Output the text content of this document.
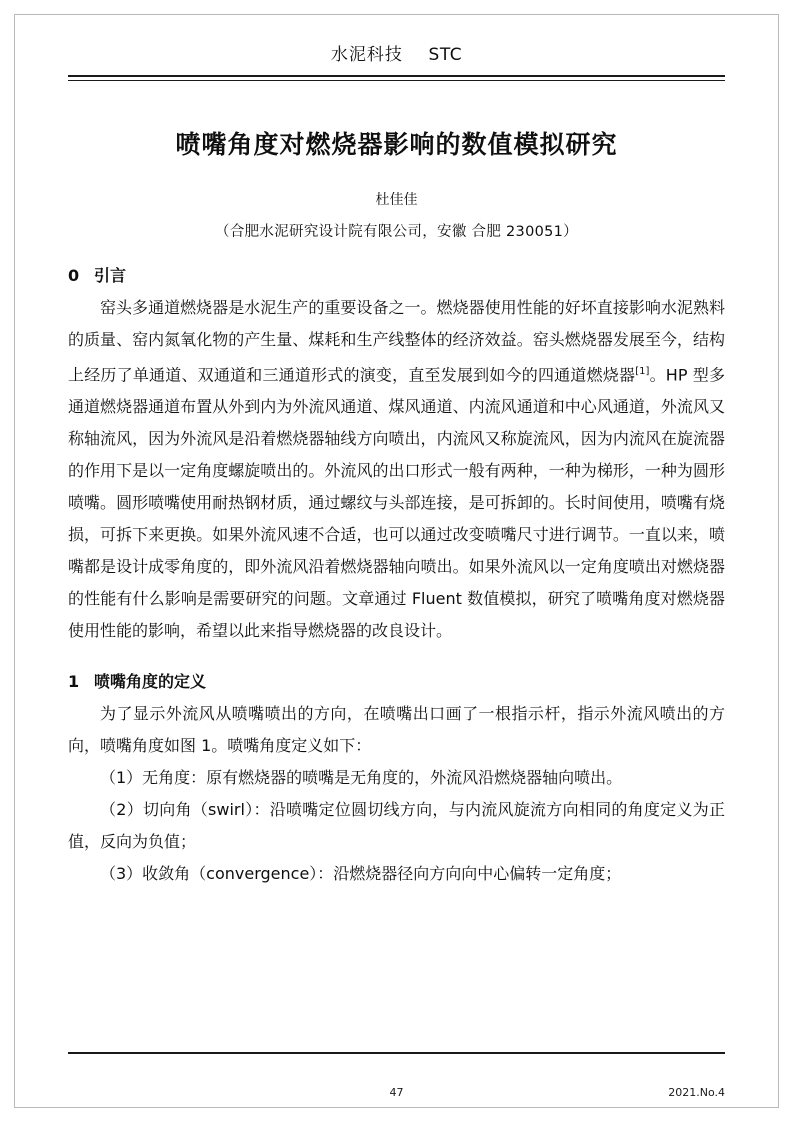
水泥科技 STC
喷嘴角度对燃烧器影响的数值模拟研究
杜佳佳
（合肥水泥研究设计院有限公司，安徽 合肥 230051）
0 引言

窑头多通道燃烧器是水泥生产的重要设备之一。燃烧器使用性能的好坏直接影响水泥熟料的质量、窑内氮氧化物的产生量、煤耗和生产线整体的经济效益。窑头燃烧器发展至今，结构上经历了单通道、双通道和三通道形式的演变，直至发展到如今的四通道燃烧器[1]。HP 型多通道燃烧器通道布置从外到内为外流风通道、煤风通道、内流风通道和中心风通道，外流风又称轴流风，因为外流风是沿着燃烧器轴线方向喷出，内流风又称旋流风，因为内流风在旋流器的作用下是以一定角度螺旋喷出的。外流风的出口形式一般有两种，一种为梯形，一种为圆形喷嘴。圆形喷嘴使用耐热钢材质，通过螺纹与头部连接，是可拆卸的。长时间使用，喷嘴有烧损，可拆下来更换。如果外流风速不合适，也可以通过改变喷嘴尺寸进行调节。一直以来，喷嘴都是设计成零角度的，即外流风沿着燃烧器轴向喷出。如果外流风以一定角度喷出对燃烧器的性能有什么影响是需要研究的问题。文章通过 Fluent 数值模拟，研究了喷嘴角度对燃烧器使用性能的影响，希望以此来指导燃烧器的改良设计。

1 喷嘴角度的定义

为了显示外流风从喷嘴喷出的方向，在喷嘴出口画了一根指示杆，指示外流风喷出的方向，喷嘴角度如图 1。喷嘴角度定义如下：

（1）无角度：原有燃烧器的喷嘴是无角度的，外流风沿燃烧器轴向喷出。

（2）切向角（swirl）：沿喷嘴定位圆切线方向，与内流风旋流方向相同的角度定义为正值，反向为负值；

（3）收敛角（convergence）：沿燃烧器径向方向向中心偏转一定角度；

47	2021.No.4
